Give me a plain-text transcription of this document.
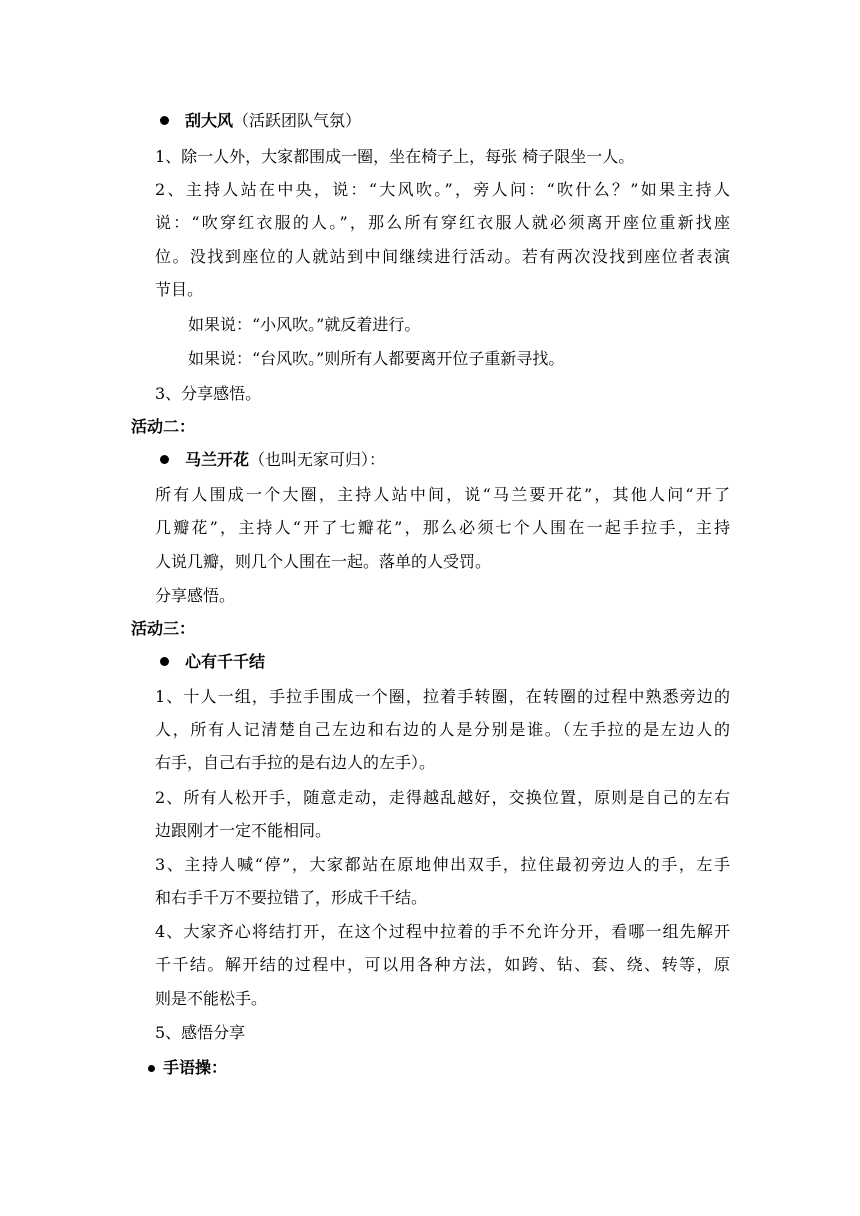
刮大风（活跃团队气氛）

1、除一人外，大家都围成一圈，坐在椅子上，每张 椅子限坐一人。

2、主持人站在中央，说：“大风吹。”，旁人问：“吹什么？”如果主持人

说：“吹穿红衣服的人。”，那么所有穿红衣服人就必须离开座位重新找座

位。没找到座位的人就站到中间继续进行活动。若有两次没找到座位者表演

节目。

如果说：“小风吹。”就反着进行。

如果说：“台风吹。”则所有人都要离开位子重新寻找。

3、分享感悟。

活动二：

马兰开花（也叫无家可归）：

所有人围成一个大圈，主持人站中间，说“马兰要开花”，其他人问“开了

几瓣花”，主持人“开了七瓣花”，那么必须七个人围在一起手拉手，主持

人说几瓣，则几个人围在一起。落单的人受罚。

分享感悟。

活动三：

心有千千结

1、十人一组，手拉手围成一个圈，拉着手转圈，在转圈的过程中熟悉旁边的

人，所有人记清楚自己左边和右边的人是分别是谁。（左手拉的是左边人的

右手，自己右手拉的是右边人的左手）。

2、所有人松开手，随意走动，走得越乱越好，交换位置，原则是自己的左右

边跟刚才一定不能相同。

3、主持人喊“停”，大家都站在原地伸出双手，拉住最初旁边人的手，左手

和右手千万不要拉错了，形成千千结。

4、大家齐心将结打开，在这个过程中拉着的手不允许分开，看哪一组先解开

千千结。解开结的过程中，可以用各种方法，如跨、钻、套、绕、转等，原

则是不能松手。

5、感悟分享

手语操：
